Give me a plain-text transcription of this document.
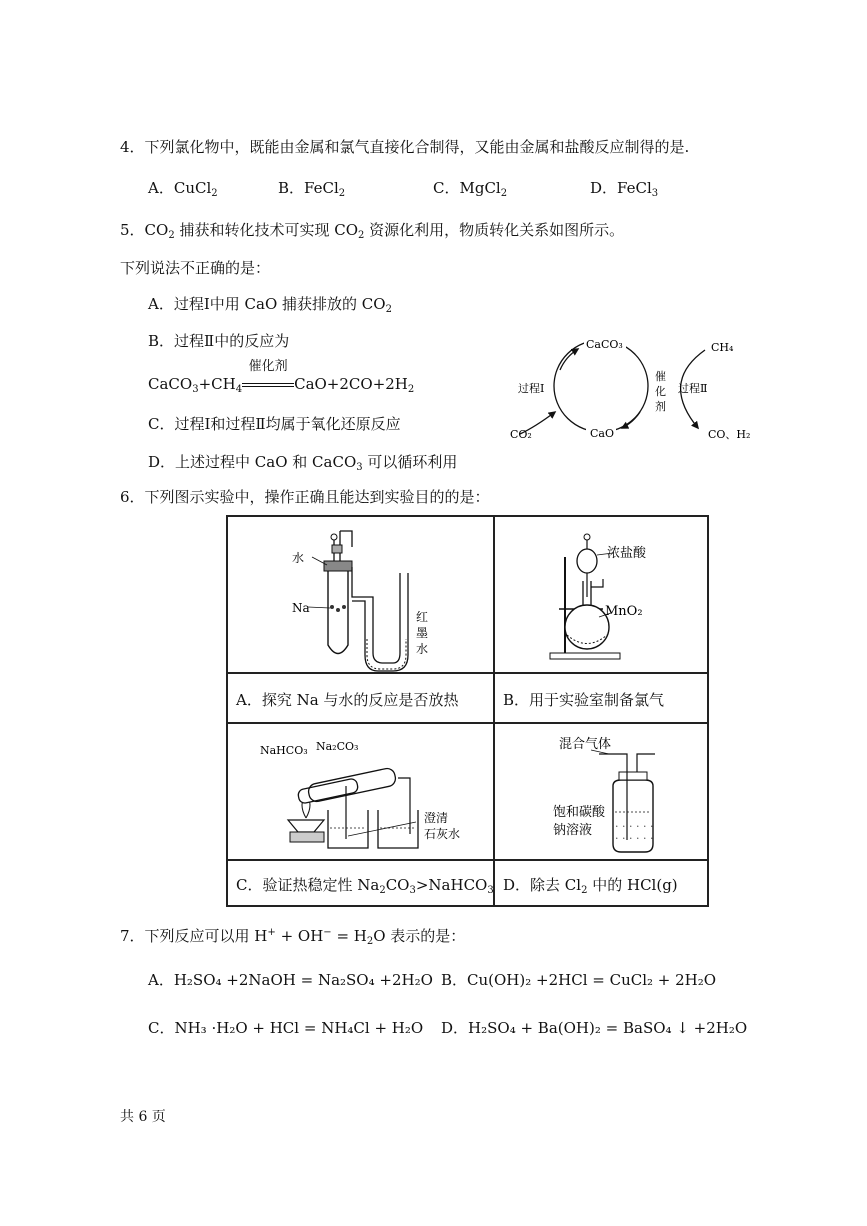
4．下列氯化物中，既能由金属和氯气直接化合制得，又能由金属和盐酸反应制得的是.
A．CuCl$_2$	B．FeCl$_2$	C．MgCl$_2$	D．FeCl$_3$
5．$CO_2$ 捕获和转化技术可实现 $CO_2$ 资源化利用，物质转化关系如图所示。
下列说法不正确的是：
A．过程Ⅰ中用 CaO 捕获排放的 $CO_2$
B．过程Ⅱ中的反应为
$CaCO_3+CH_4$
催化剂
$CaO+2CO+2H_2$
C．过程Ⅰ和过程Ⅱ均属于氧化还原反应
D．上述过程中 CaO 和 CaCO$_3$ 可以循环利用
CaCO₃
CaO
CO₂
CH₄
CO、H₂
过程Ⅰ	过程Ⅱ
催
化
剂
6．下列图示实验中，操作正确且能达到实验目的的是：
水
Na
红
墨
水
浓盐酸
MnO₂
A．探究 Na 与水的反应是否放热	B．用于实验室制备氯气
NaHCO₃ Na₂CO₃
澄清
石灰水
· · · · · ·
· · · · · ·
混合气体
饱和碳酸
钠溶液
C．验证热稳定性 $Na_2CO_3>NaHCO_3$ D．除去 $Cl_2$ 中的 HCl(g)
7．下列反应可以用 $H^+ + OH^- = H_2O$ 表示的是：
A．H₂SO₄ +2NaOH = Na₂SO₄ +2H₂O B．Cu(OH)₂ +2HCl = CuCl₂ + 2H₂O
C．NH₃ ·H₂O + HCl = NH₄Cl + H₂O D．H₂SO₄ + Ba(OH)₂ = BaSO₄ ↓ +2H₂O
共 6 页
